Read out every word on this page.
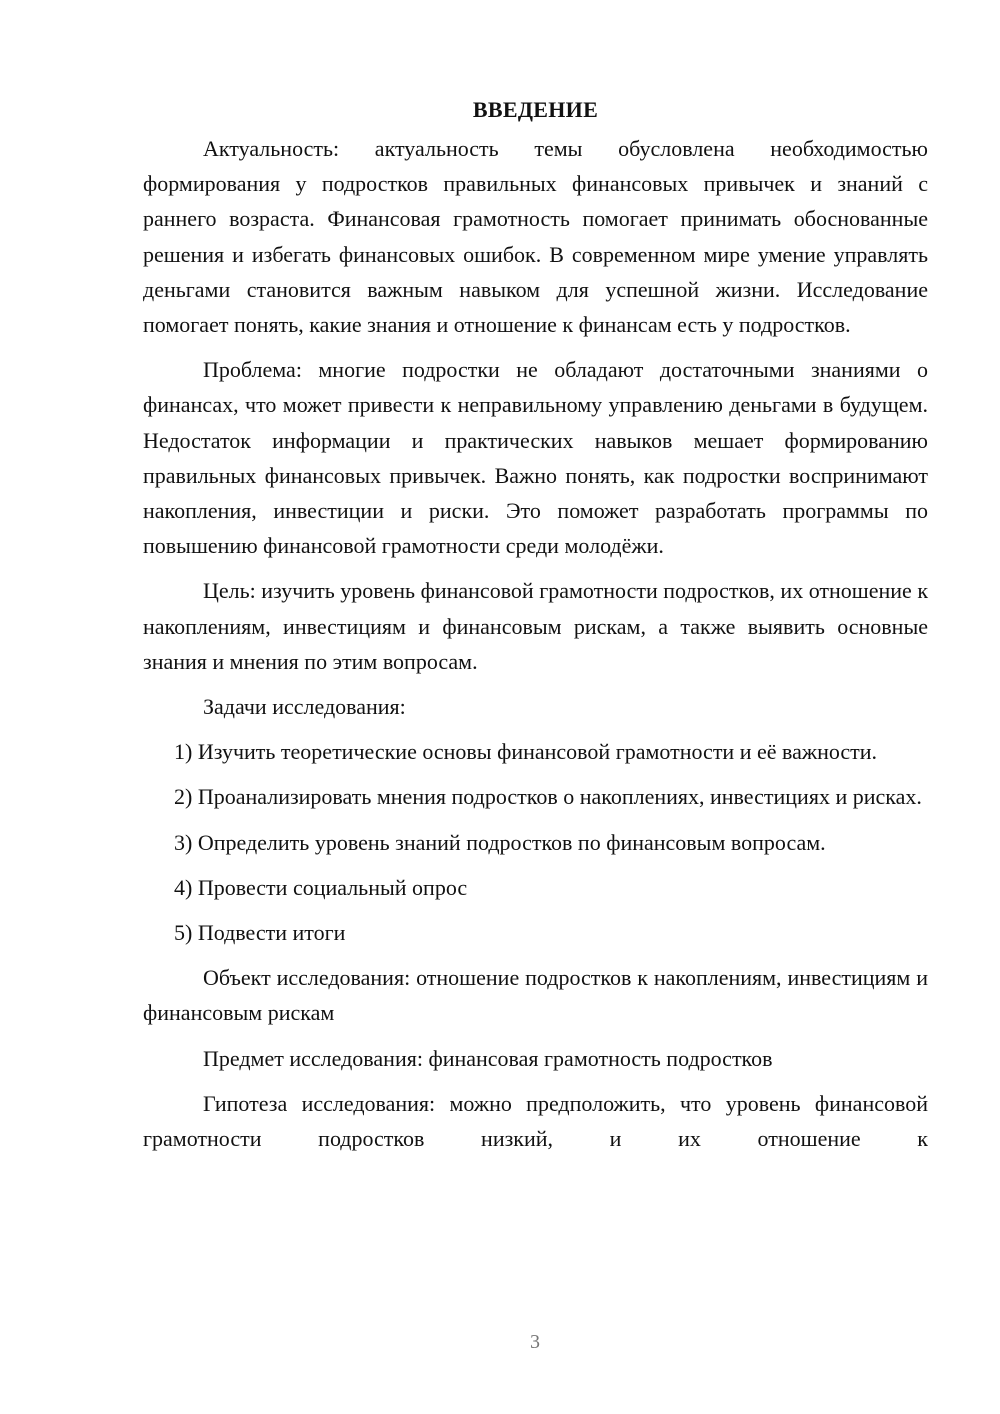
ВВЕДЕНИЕ

Актуальность: актуальность темы обусловлена необходимостью формирования у подростков правильных финансовых привычек и знаний с раннего возраста. Финансовая грамотность помогает принимать обоснованные решения и избегать финансовых ошибок. В современном мире умение управлять деньгами становится важным навыком для успешной жизни. Исследование помогает понять, какие знания и отношение к финансам есть у подростков.

Проблема: многие подростки не обладают достаточными знаниями о финансах, что может привести к неправильному управлению деньгами в будущем. Недостаток информации и практических навыков мешает формированию правильных финансовых привычек. Важно понять, как подростки воспринимают накопления, инвестиции и риски. Это поможет разработать программы по повышению финансовой грамотности среди молодёжи.

Цель: изучить уровень финансовой грамотности подростков, их отношение к накоплениям, инвестициям и финансовым рискам, а также выявить основные знания и мнения по этим вопросам.

Задачи исследования:

1) Изучить теоретические основы финансовой грамотности и её важности.

2) Проанализировать мнения подростков о накоплениях, инвестициях и рисках.

3) Определить уровень знаний подростков по финансовым вопросам.

4) Провести социальный опрос

5) Подвести итоги

Объект исследования: отношение подростков к накоплениям, инвестициям и финансовым рискам

Предмет исследования: финансовая грамотность подростков

Гипотеза исследования: можно предположить, что уровень финансовой грамотности подростков низкий, и их отношение к

3
